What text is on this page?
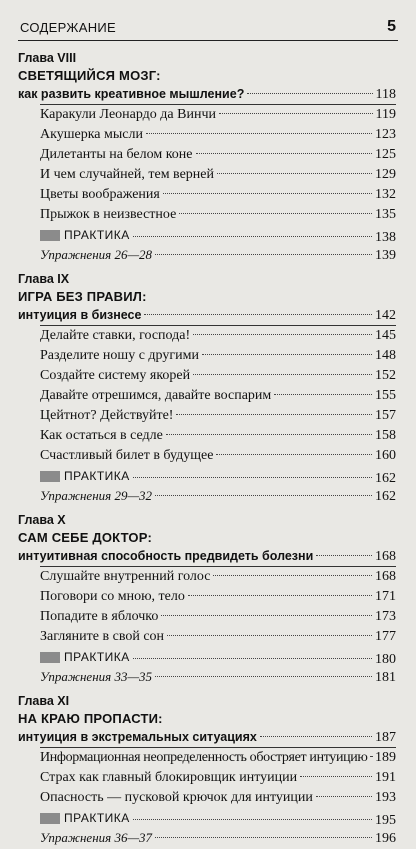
СОДЕРЖАНИЕ	5
Глава VIII
СВЕТЯЩИЙСЯ МОЗГ:
как развить креативное мышление?	118
Каракули Леонардо да Винчи	119
Акушерка мысли	123
Дилетанты на белом коне	125
И чем случайней, тем верней	129
Цветы воображения	132
Прыжок в неизвестное	135
ПРАКТИКА	138
Упражнения 26—28	139
Глава IX
ИГРА БЕЗ ПРАВИЛ:
интуиция в бизнесе	142
Делайте ставки, господа!	145
Разделите ношу с другими	148
Создайте систему якорей	152
Давайте отрешимся, давайте воспарим	155
Цейтнот? Действуйте!	157
Как остаться в седле	158
Счастливый билет в будущее	160
ПРАКТИКА	162
Упражнения 29—32	162
Глава X
САМ СЕБЕ ДОКТОР:
интуитивная способность предвидеть болезни	168
Слушайте внутренний голос	168
Поговори со мною, тело	171
Попадите в яблочко	173
Загляните в свой сон	177
ПРАКТИКА	180
Упражнения 33—35	181
Глава XI
НА КРАЮ ПРОПАСТИ:
интуиция в экстремальных ситуациях	187
Информационная неопределенность обостряет интуицию 189
Страх как главный блокировщик интуиции	191
Опасность — пусковой крючок для интуиции	193
ПРАКТИКА	195
Упражнения 36—37	196
